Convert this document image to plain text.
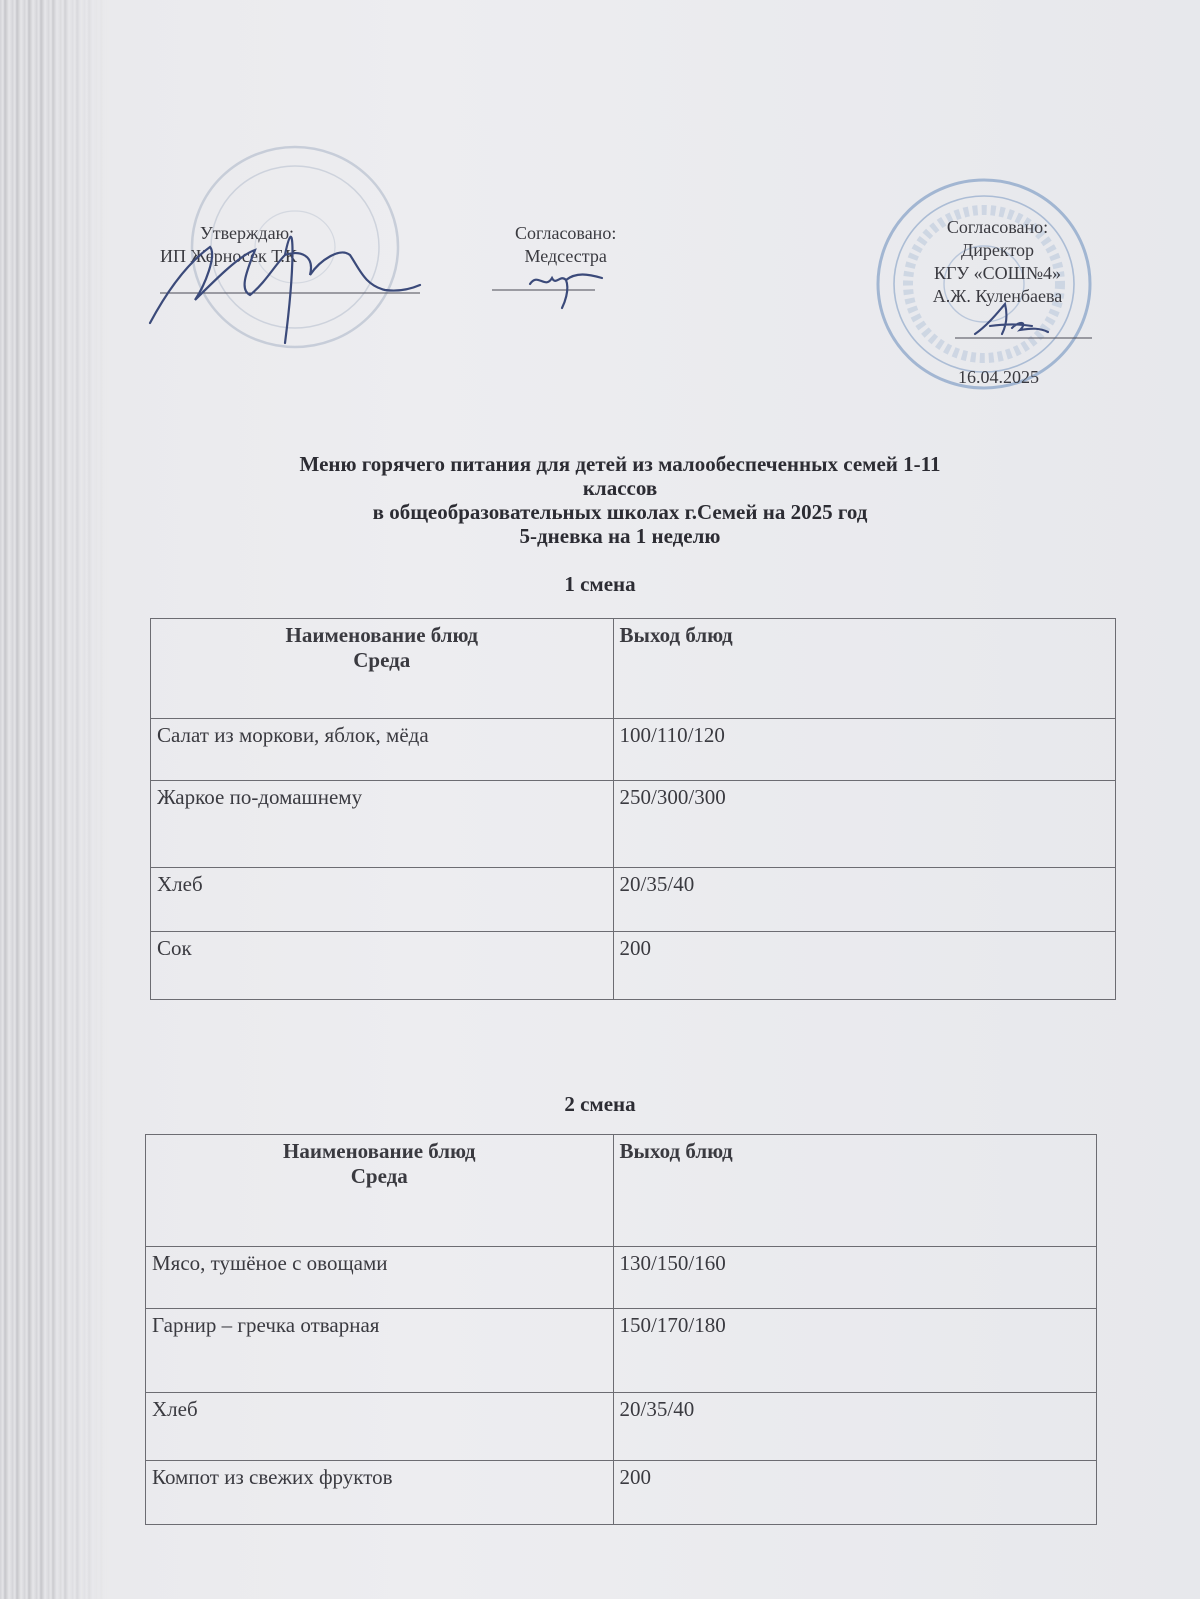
Утверждаю:
ИП Жерносек Т.К
Согласовано:
Медсестра
Согласовано:
Директор
КГУ «СОШ№4»
А.Ж. Куленбаева
16.04.2025
Меню горячего питания для детей из малообеспеченных семей 1-11
классов
в общеобразовательных школах г.Семей на 2025 год
5-дневка на 1 неделю
1 смена
Наименование блюд
Среда	Выход блюд
Салат из моркови, яблок, мёда	100/110/120
Жаркое по-домашнему	250/300/300
Хлеб	20/35/40
Сок	200
2 смена
Наименование блюд
Среда	Выход блюд
Мясо, тушёное с овощами	130/150/160
Гарнир – гречка отварная	150/170/180
Хлеб	20/35/40
Компот из свежих фруктов	200
